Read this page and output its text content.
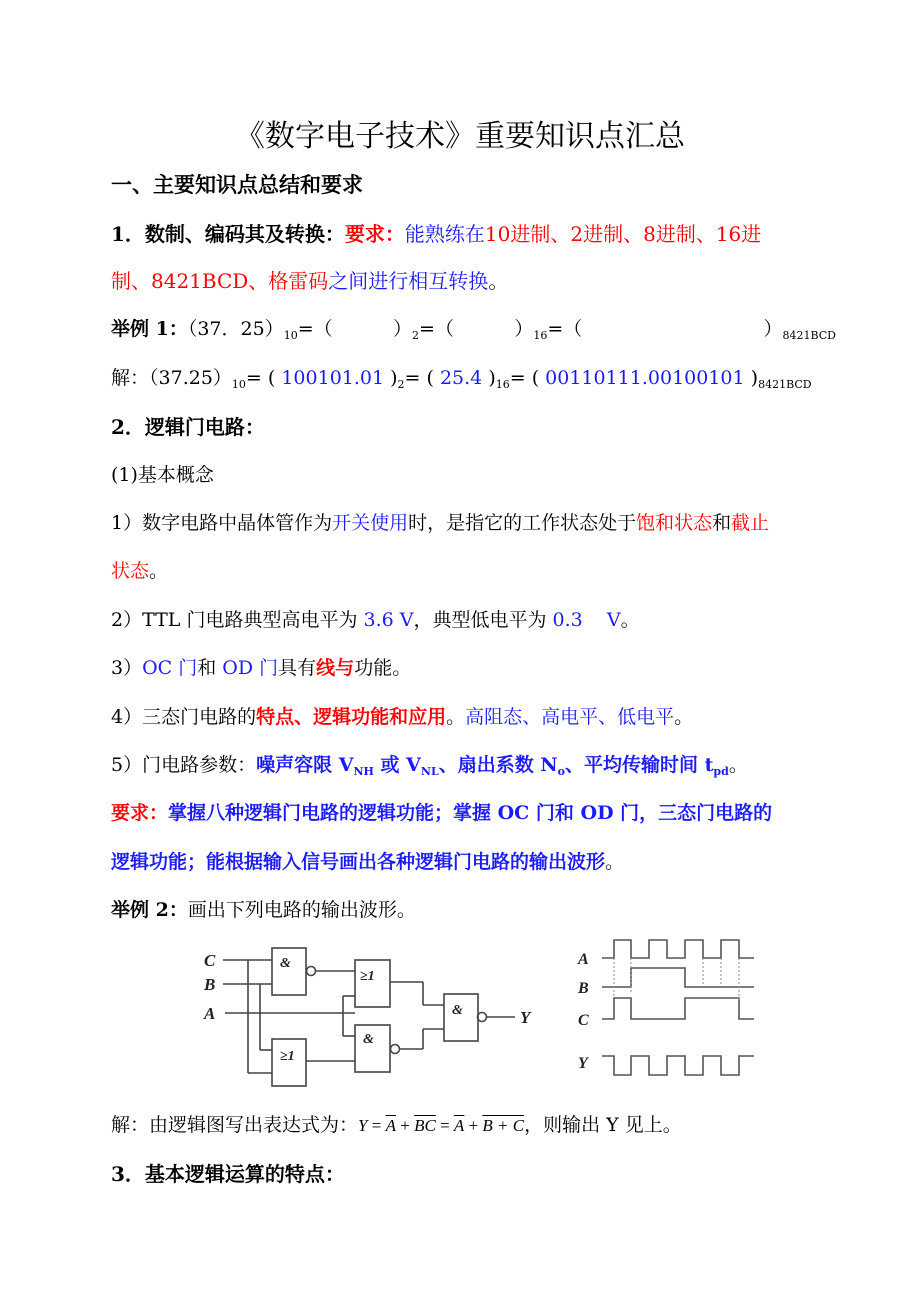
《数字电子技术》重要知识点汇总
一、主要知识点总结和要求
1．数制、编码其及转换：要求：能熟练在10进制、2进制、8进制、16进
制、8421BCD、格雷码之间进行相互转换。
举例 1：（37．$25)_{10}=$（          ）$_2=$（          ）$_{16}=$（                              ）$_{8421BCD}$
解：$(37.25)_{10}=$ ( 100101.01 )$_2=$ ( 25.4 )$_{16}=$ ( 00110111.00100101 )$_{8421BCD}$
2．逻辑门电路：
(1)基本概念
1）数字电路中晶体管作为开关使用时，是指它的工作状态处于饱和状态和截止
状态。
2）TTL 门电路典型高电平为 3.6 V，典型低电平为 0.3    V。
3）OC 门和 OD 门具有线与功能。
4）三态门电路的特点、逻辑功能和应用。高阻态、高电平、低电平。
5）门电路参数：噪声容限 $V_{NH}$ 或 $V_{NL}$、扇出系数 $N_o$、平均传输时间 $t_{pd}$。
要求：掌握八种逻辑门电路的逻辑功能；掌握 OC 门和 OD 门，三态门电路的
逻辑功能；能根据输入信号画出各种逻辑门电路的输出波形。
举例 2：画出下列电路的输出波形。
C
B
A	Y
&
≥1
≥1
&
&
A
B
C
Y
解：由逻辑图写出表达式为：$Y = \overline{A} + \overline{B}\overline{C} = \overline{A} + B + C$，则输出 Y 见上。
3．基本逻辑运算的特点：
